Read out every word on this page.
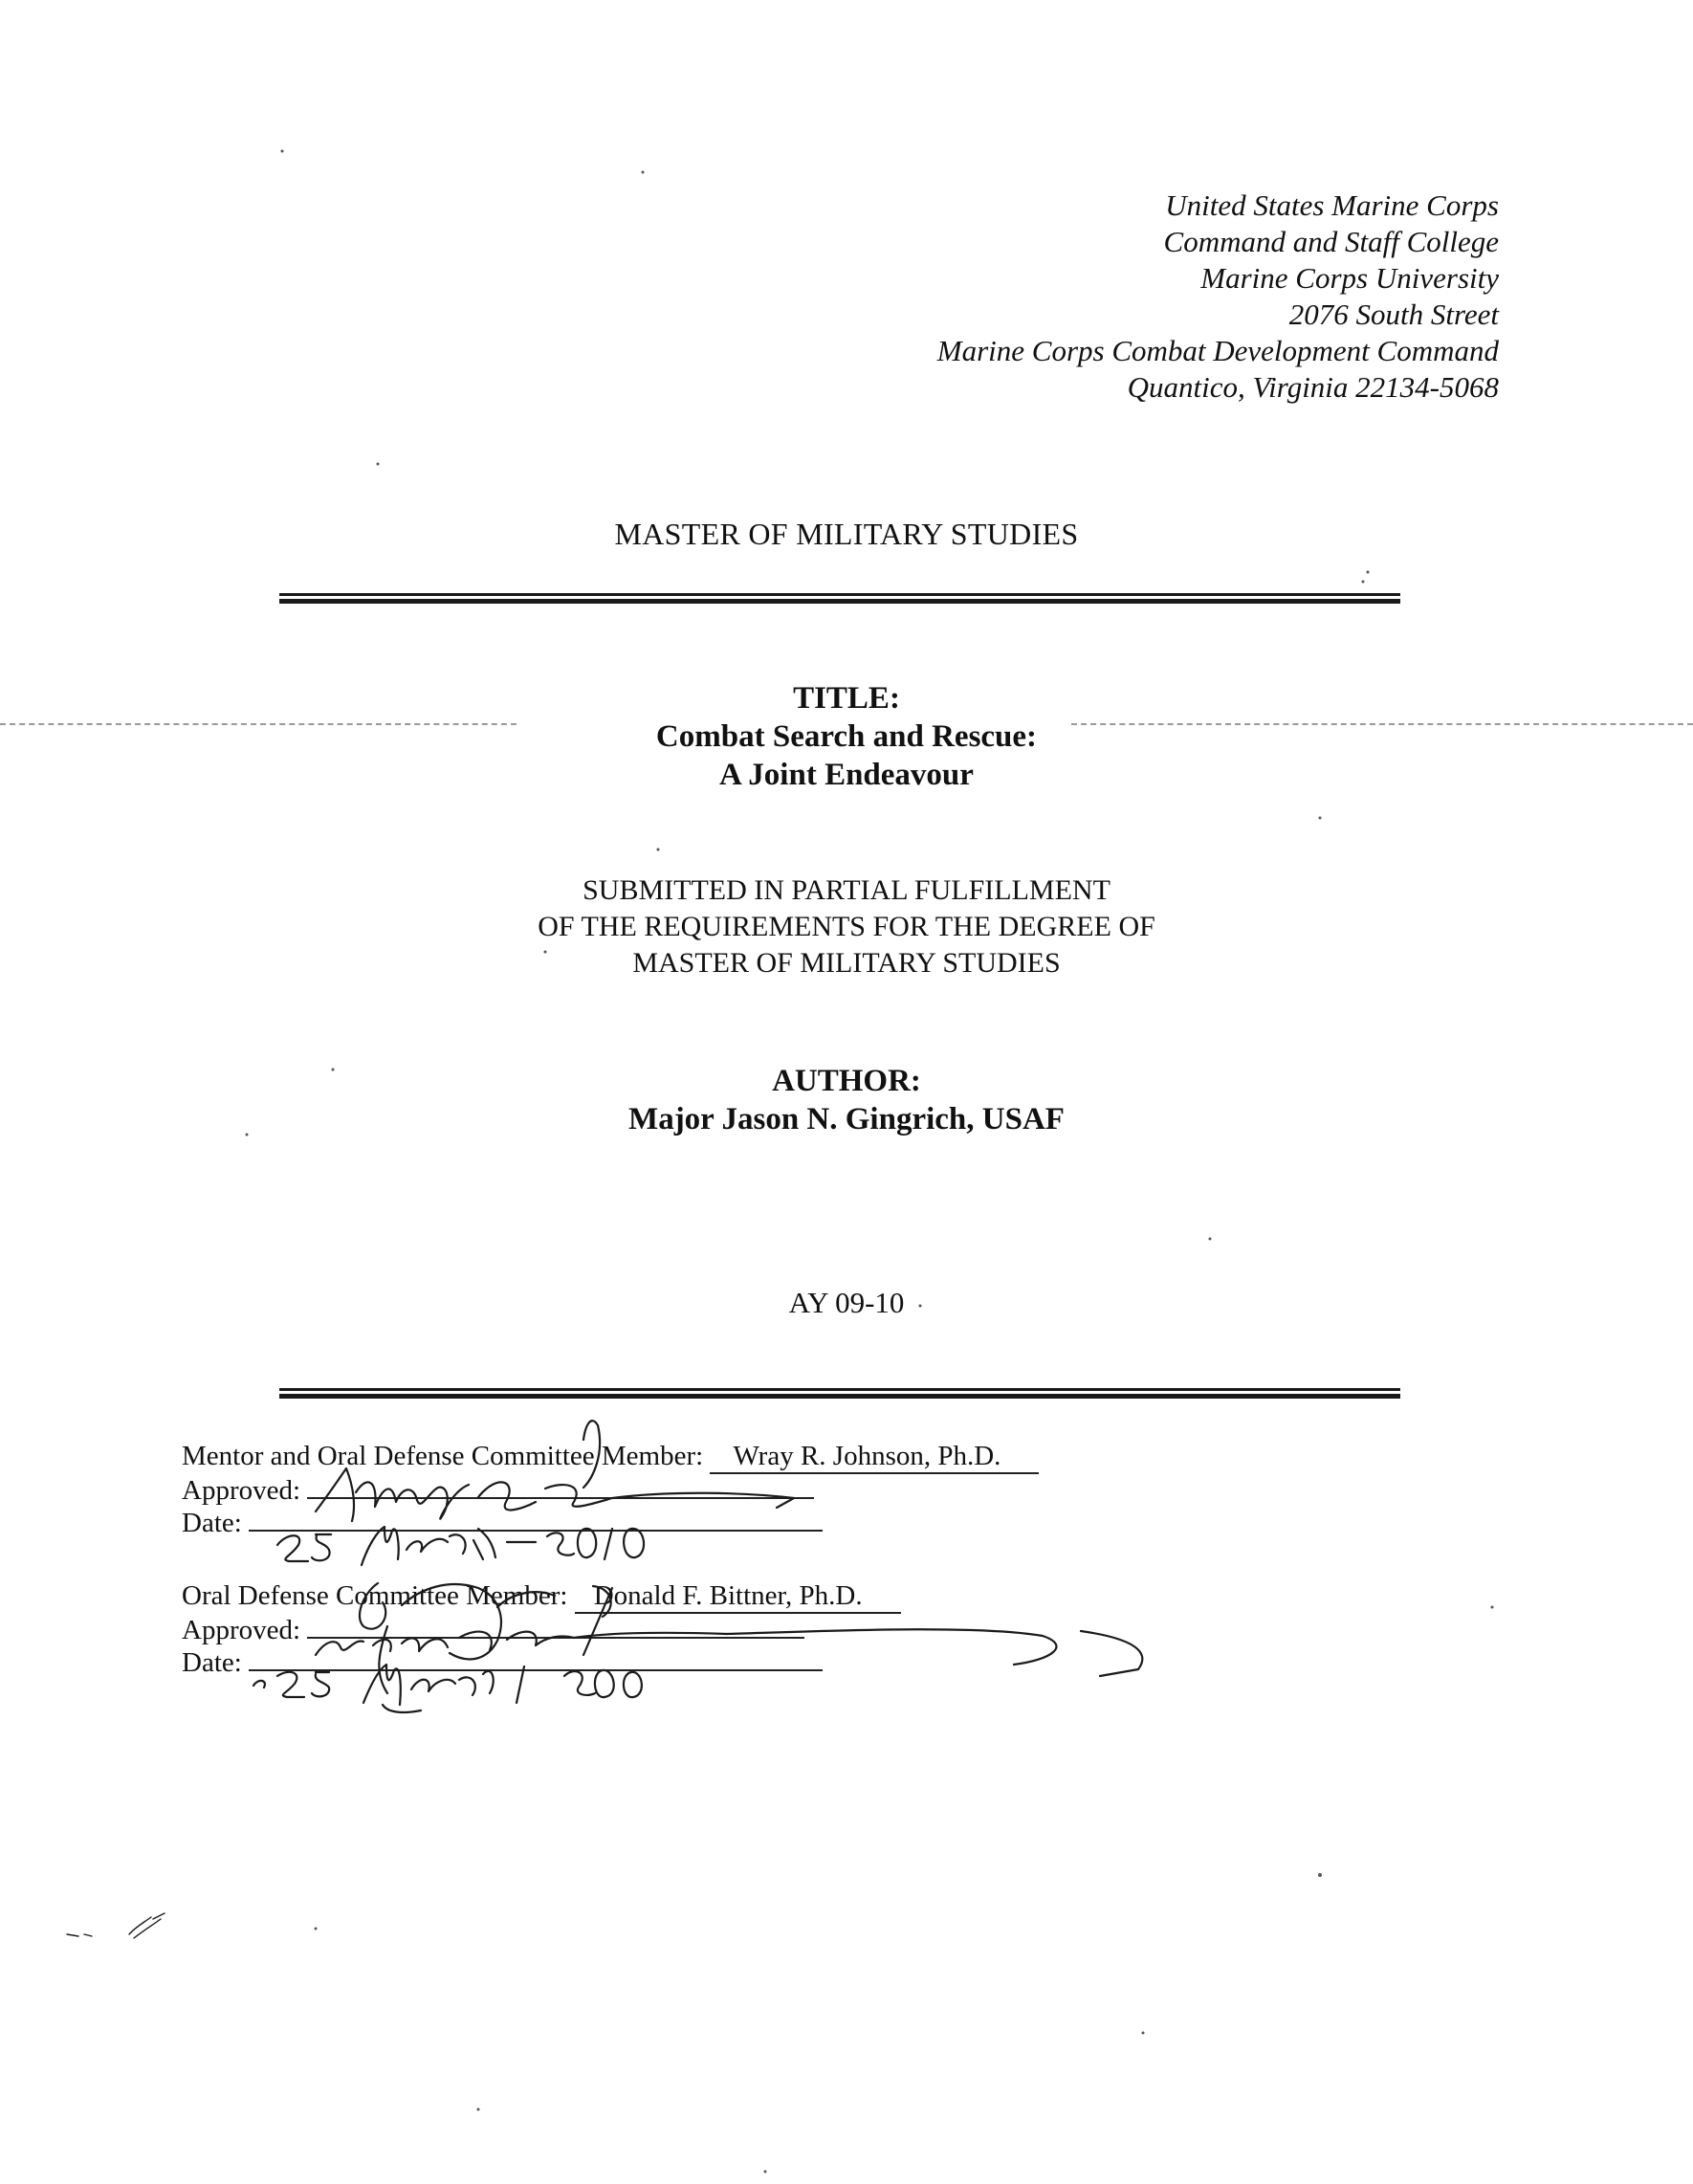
United States Marine Corps
Command and Staff College
Marine Corps University
2076 South Street
Marine Corps Combat Development Command
Quantico, Virginia 22134-5068
MASTER OF MILITARY STUDIES
TITLE:
Combat Search and Rescue:
A Joint Endeavour
SUBMITTED IN PARTIAL FULFILLMENT
OF THE REQUIREMENTS FOR THE DEGREE OF
MASTER OF MILITARY STUDIES
AUTHOR:
Major Jason N. Gingrich, USAF
AY 09-10
Mentor and Oral Defense Committee Member: Wray R. Johnson, Ph.D.
Approved:
Date:
Oral Defense Committee Member: Donald F. Bittner, Ph.D.
Approved:
Date:
